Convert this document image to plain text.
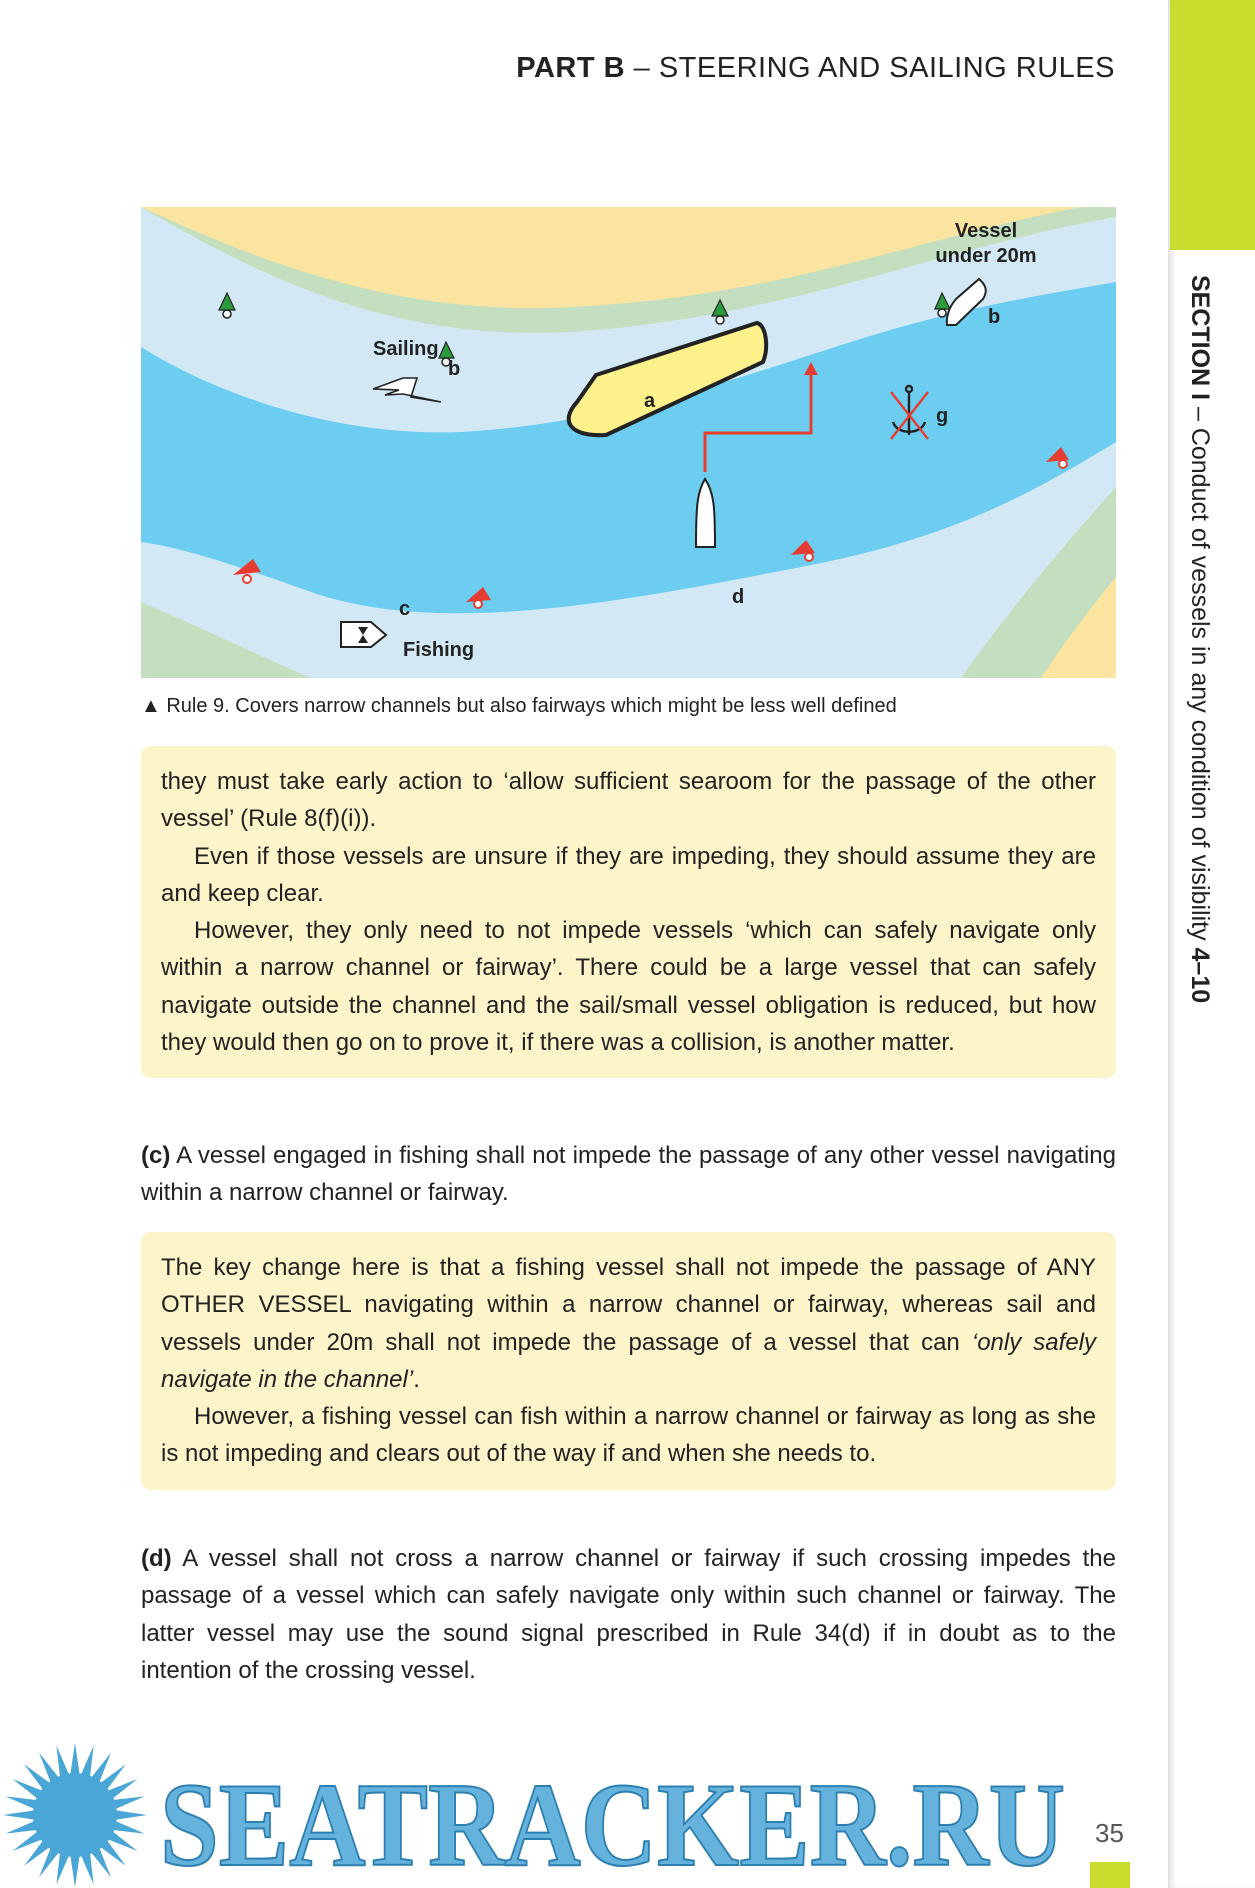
PART B – STEERING AND SAILING RULES
SECTION I – Conduct of vessels in any condition of visibility 4–10
Vessel
under 20m
b
Sailing
b
a
g
c
Fishing
d
▲ Rule 9. Covers narrow channels but also fairways which might be less well defined

they must take early action to ‘allow sufficient searoom for the passage of the other vessel’ (Rule 8(f)(i)).

Even if those vessels are unsure if they are impeding, they should assume they are and keep clear.

However, they only need to not impede vessels ‘which can safely navigate only within a narrow channel or fairway’. There could be a large vessel that can safely navigate outside the channel and the sail/small vessel obligation is reduced, but how they would then go on to prove it, if there was a collision, is another matter.

(c) A vessel engaged in fishing shall not impede the passage of any other vessel navigating within a narrow channel or fairway.

The key change here is that a fishing vessel shall not impede the passage of ANY OTHER VESSEL navigating within a narrow channel or fairway, whereas sail and vessels under 20m shall not impede the passage of a vessel that can ‘only safely navigate in the channel’.

However, a fishing vessel can fish within a narrow channel or fairway as long as she is not impeding and clears out of the way if and when she needs to.

(d) A vessel shall not cross a narrow channel or fairway if such crossing impedes the passage of a vessel which can safely navigate only within such channel or fairway. The latter vessel may use the sound signal prescribed in Rule 34(d) if in doubt as to the intention of the crossing vessel.
SEATRACKER.RU 35
